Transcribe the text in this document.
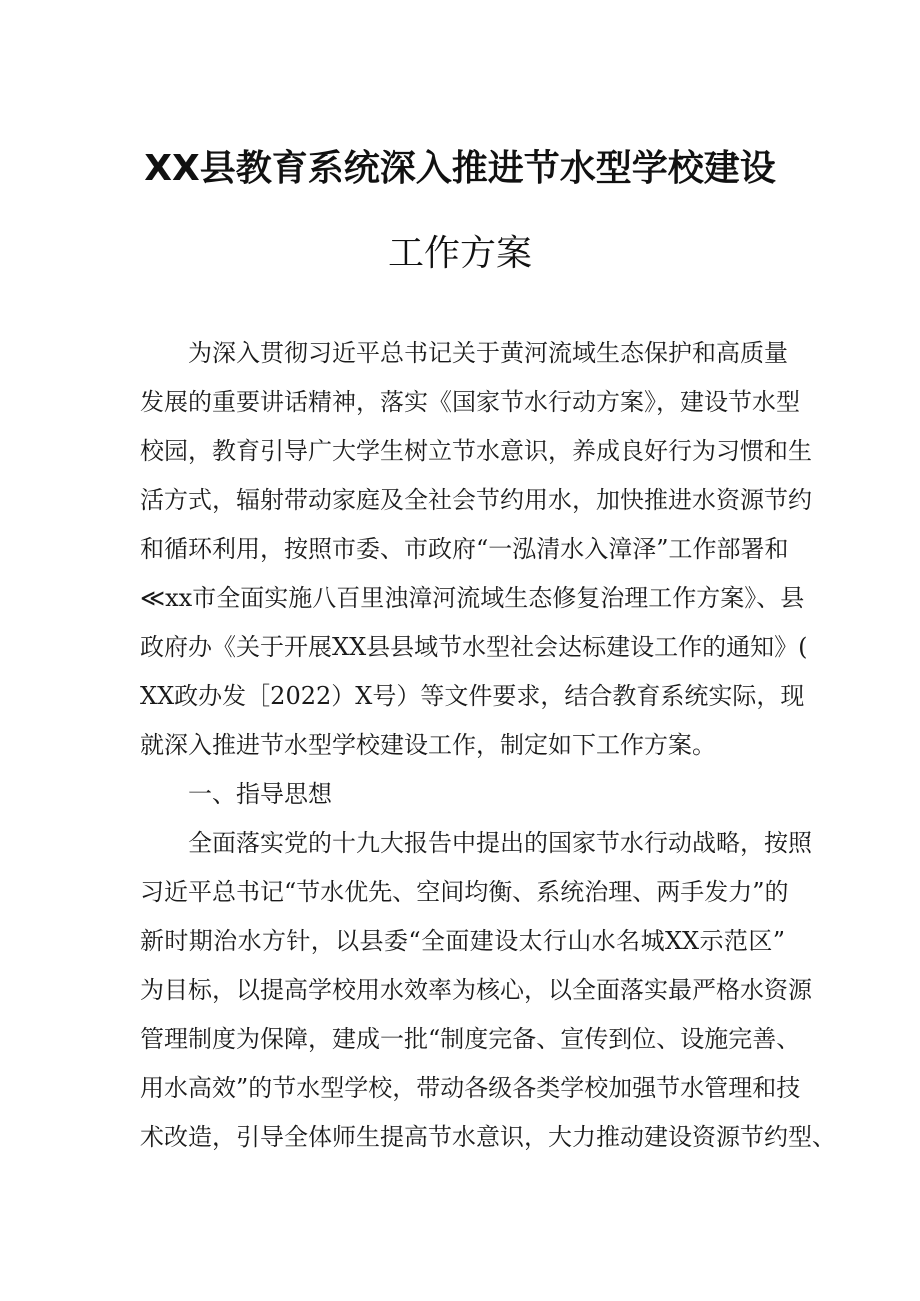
XX县教育系统深入推进节水型学校建设
工作方案
为深入贯彻习近平总书记关于黄河流域生态保护和高质量
发展的重要讲话精神，落实《国家节水行动方案》，建设节水型
校园，教育引导广大学生树立节水意识，养成良好行为习惯和生
活方式，辐射带动家庭及全社会节约用水，加快推进水资源节约
和循环利用，按照市委、市政府“一泓清水入漳泽”工作部署和
≪xx市全面实施八百里浊漳河流域生态修复治理工作方案》、县
政府办《关于开展XX县县域节水型社会达标建设工作的通知》(
XX政办发［2022）X号）等文件要求，结合教育系统实际，现
就深入推进节水型学校建设工作，制定如下工作方案。
一、指导思想
全面落实党的十九大报告中提出的国家节水行动战略，按照
习近平总书记“节水优先、空间均衡、系统治理、两手发力”的
新时期治水方针，以县委“全面建设太行山水名城XX示范区”
为目标，以提高学校用水效率为核心，以全面落实最严格水资源
管理制度为保障，建成一批“制度完备、宣传到位、设施完善、
用水高效”的节水型学校，带动各级各类学校加强节水管理和技
术改造，引导全体师生提高节水意识，大力推动建设资源节约型、
